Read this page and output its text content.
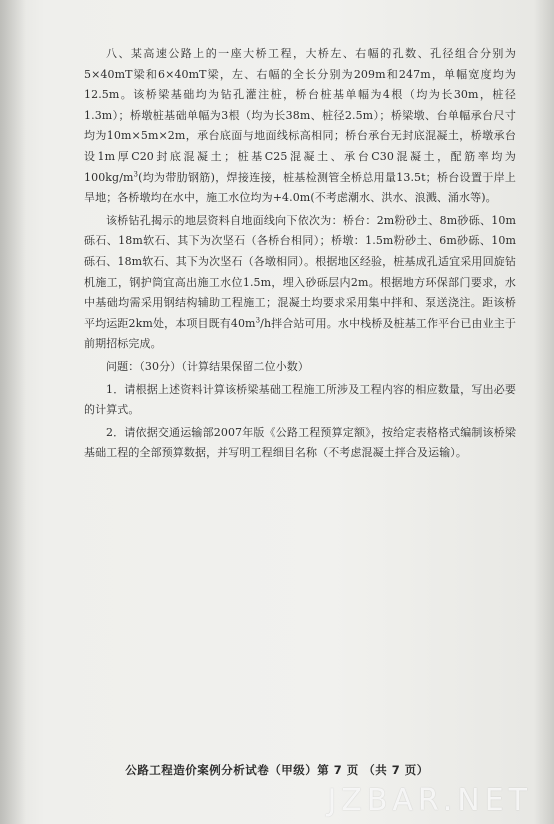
八、某高速公路上的一座大桥工程，大桥左、右幅的孔数、孔径组合分别为5×40mT梁和6×40mT梁，左、右幅的全长分别为209m和247m，单幅宽度均为12.5m。该桥梁基础均为钻孔灌注桩，桥台桩基单幅为4根（均为长30m，桩径1.3m）；桥墩桩基础单幅为3根（均为长38m、桩径2.5m）；桥梁墩、台单幅承台尺寸均为10m×5m×2m，承台底面与地面线标高相同；桥台承台无封底混凝土，桥墩承台设1m厚C20封底混凝土；桩基C25混凝土、承台C30混凝土，配筋率均为$100kg/m^3$(均为带肋钢筋)，焊接连接，桩基检测管全桥总用量13.5t；桥台设置于岸上旱地；各桥墩均在水中，施工水位均为+4.0m(不考虑潮水、洪水、浪溅、涌水等)。

该桥钻孔揭示的地层资料自地面线向下依次为：桥台：2m粉砂土、8m砂砾、10m砾石、18m软石、其下为次坚石（各桥台相同）；桥墩：1.5m粉砂土、6m砂砾、10m砾石、18m软石、其下为次坚石（各墩相同）。根据地区经验，桩基成孔适宜采用回旋钻机施工，钢护筒宜高出施工水位1.5m，埋入砂砾层内2m。根据地方环保部门要求，水中基础均需采用钢结构辅助工程施工；混凝土均要求采用集中拌和、泵送浇注。距该桥平均运距2km处，本项目既有$40m^3/h$拌合站可用。水中栈桥及桩基工作平台已由业主于前期招标完成。

问题：（30分）（计算结果保留二位小数）

1．请根据上述资料计算该桥梁基础工程施工所涉及工程内容的相应数量，写出必要的计算式。

2．请依据交通运输部2007年版《公路工程预算定额》，按给定表格格式编制该桥梁基础工程的全部预算数据，并写明工程细目名称（不考虑混凝土拌合及运输）。

公路工程造价案例分析试卷（甲级）第 7 页 （共 7 页）
JZBAR.NET
